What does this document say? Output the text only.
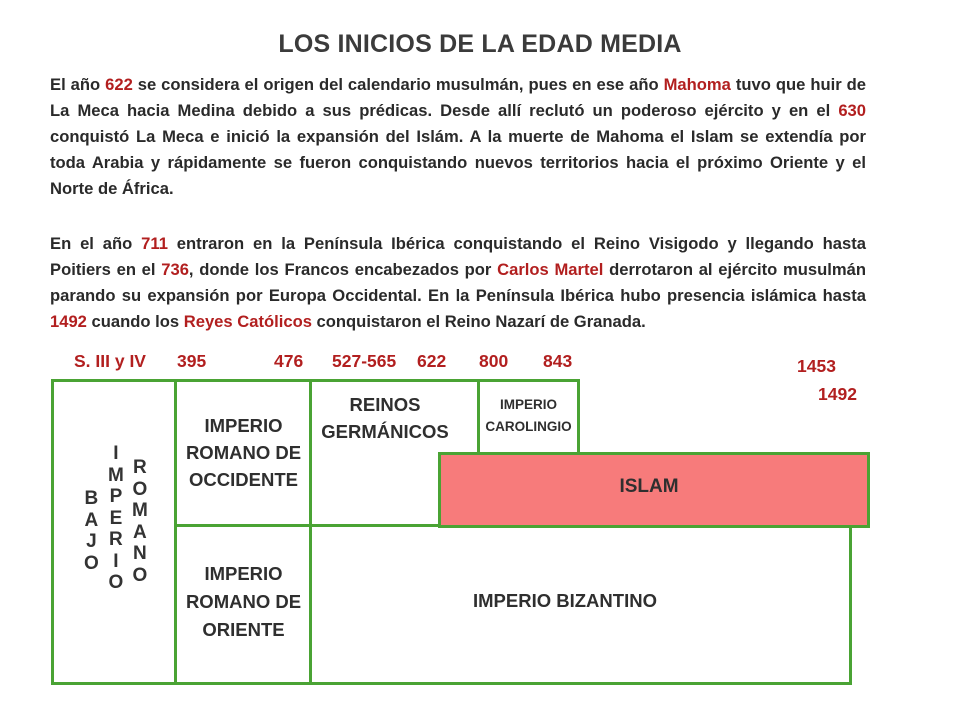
LOS INICIOS DE LA EDAD MEDIA
El año 622 se considera el origen del calendario musulmán, pues en ese año Mahoma tuvo que huir de La Meca hacia Medina debido a sus prédicas. Desde allí reclutó un poderoso ejército y en el 630 conquistó La Meca e inició la expansión del Islám. A la muerte de Mahoma el Islam se extendía por toda Arabia y rápidamente se fueron conquistando nuevos territorios hacia el próximo Oriente y el Norte de África.
En el año 711 entraron en la Península Ibérica conquistando el Reino Visigodo y llegando hasta Poitiers en el 736, donde los Francos encabezados por Carlos Martel derrotaron al ejército musulmán parando su expansión por Europa Occidental. En la Península Ibérica hubo presencia islámica hasta 1492 cuando los Reyes Católicos conquistaron el Reino Nazarí de Granada.
S. III y IV 395	476 527-565 622 800 843	1453
1492
B
A
J
O
I
M
P
E
R
I
O
R
O
M
A
N
O
IMPERIO
ROMANO DE
OCCIDENTE
IMPERIO
ROMANO DE
ORIENTE
REINOS
GERMÁNICOS
IMPERIO
CAROLINGIO
IMPERIO BIZANTINO
ISLAM
